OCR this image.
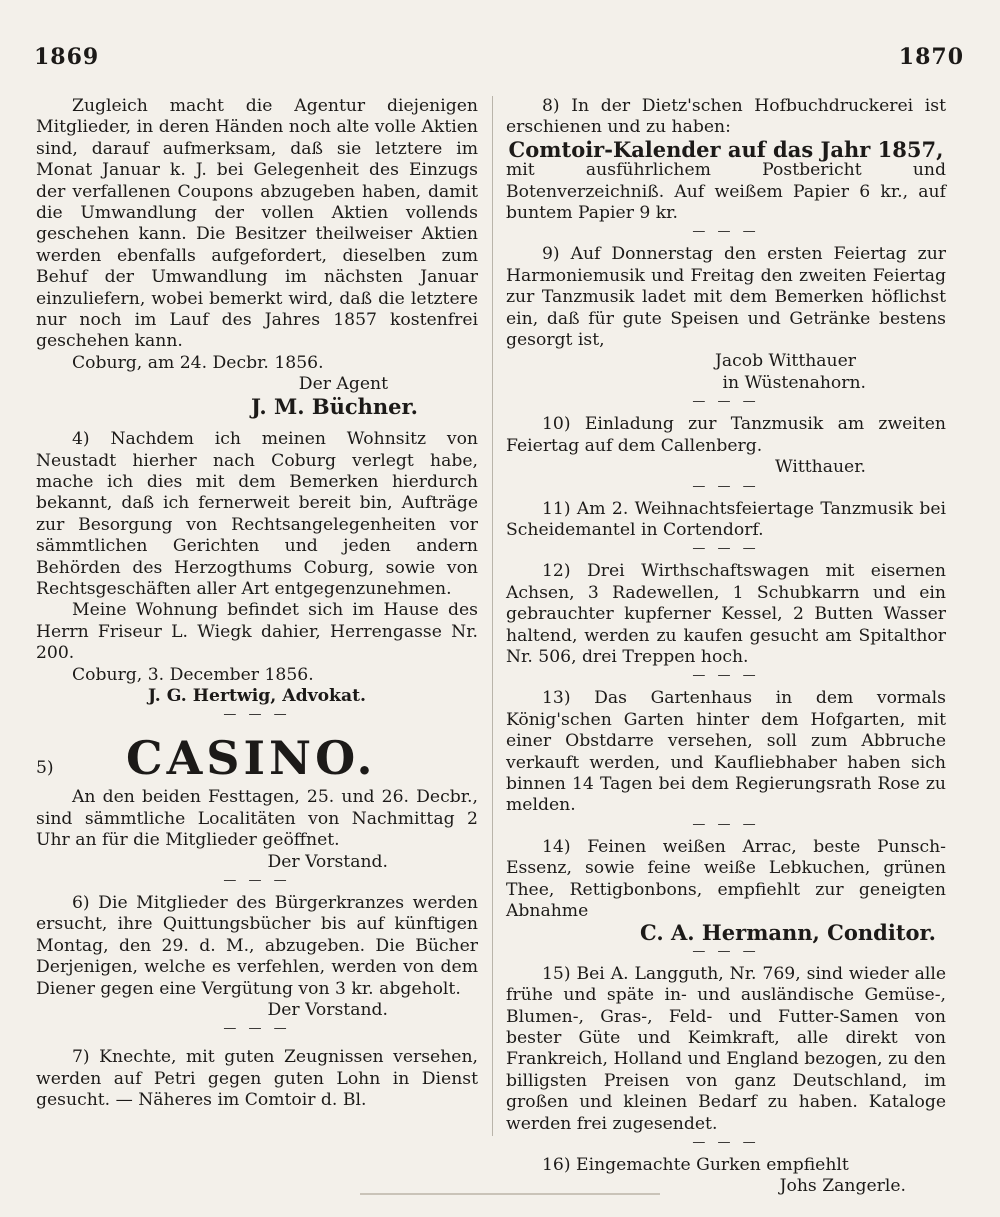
1869	1870

Zugleich macht die Agentur diejenigen Mitglieder, in deren Händen noch alte volle Aktien sind, darauf aufmerksam, daß sie letztere im Monat Januar k. J. bei Gelegenheit des Einzugs der verfallenen Coupons abzugeben haben, damit die Umwandlung der vollen Aktien vollends geschehen kann. Die Besitzer theilweiser Aktien werden ebenfalls aufgefordert, dieselben zum Behuf der Umwandlung im nächsten Januar einzuliefern, wobei bemerkt wird, daß die letztere nur noch im Lauf des Jahres 1857 kostenfrei geschehen kann.

Coburg, am 24. Decbr. 1856.

Der Agent

J. M. Büchner.

4) Nachdem ich meinen Wohnsitz von Neustadt hierher nach Coburg verlegt habe, mache ich dies mit dem Bemerken hierdurch bekannt, daß ich fernerweit bereit bin, Aufträge zur Besorgung von Rechtsangelegenheiten vor sämmtlichen Gerichten und jeden andern Behörden des Herzogthums Coburg, sowie von Rechtsgeschäften aller Art entgegenzunehmen.

Meine Wohnung befindet sich im Hause des Herrn Friseur L. Wiegk dahier, Herrengasse Nr. 200.

Coburg, 3. December 1856.

J. G. Hertwig, Advokat.

— — —
5)	CASINO.

An den beiden Festtagen, 25. und 26. Decbr., sind sämmtliche Localitäten von Nachmittag 2 Uhr an für die Mitglieder geöffnet.

Der Vorstand.

— — —

6) Die Mitglieder des Bürgerkranzes werden ersucht, ihre Quittungsbücher bis auf künftigen Montag, den 29. d. M., abzugeben. Die Bücher Derjenigen, welche es verfehlen, werden von dem Diener gegen eine Vergütung von 3 kr. abgeholt.

Der Vorstand.

— — —

7) Knechte, mit guten Zeugnissen versehen, werden auf Petri gegen guten Lohn in Dienst gesucht. — Näheres im Comtoir d. Bl.

8) In der Dietz'schen Hofbuchdruckerei ist erschienen und zu haben:

Comtoir-Kalender auf das Jahr 1857,

mit ausführlichem Postbericht und Botenverzeichniß. Auf weißem Papier 6 kr., auf buntem Papier 9 kr.

— — —

9) Auf Donnerstag den ersten Feiertag zur Harmoniemusik und Freitag den zweiten Feiertag zur Tanzmusik ladet mit dem Bemerken höflichst ein, daß für gute Speisen und Getränke bestens gesorgt ist,

Jacob Witthauer

in Wüstenahorn.

— — —

10) Einladung zur Tanzmusik am zweiten Feiertag auf dem Callenberg.

Witthauer.

— — —

11) Am 2. Weihnachtsfeiertage Tanzmusik bei Scheidemantel in Cortendorf.

— — —

12) Drei Wirthschaftswagen mit eisernen Achsen, 3 Radewellen, 1 Schubkarrn und ein gebrauchter kupferner Kessel, 2 Butten Wasser haltend, werden zu kaufen gesucht am Spitalthor Nr. 506, drei Treppen hoch.

— — —

13) Das Gartenhaus in dem vormals König'schen Garten hinter dem Hofgarten, mit einer Obstdarre versehen, soll zum Abbruche verkauft werden, und Kaufliebhaber haben sich binnen 14 Tagen bei dem Regierungsrath Rose zu melden.

— — —

14) Feinen weißen Arrac, beste Punsch-Essenz, sowie feine weiße Lebkuchen, grünen Thee, Rettigbonbons, empfiehlt zur geneigten Abnahme

C. A. Hermann, Conditor.

— — —

15) Bei A. Langguth, Nr. 769, sind wieder alle frühe und späte in- und ausländische Gemüse-, Blumen-, Gras-, Feld- und Futter-Samen von bester Güte und Keimkraft, alle direkt von Frankreich, Holland und England bezogen, zu den billigsten Preisen von ganz Deutschland, im großen und kleinen Bedarf zu haben. Kataloge werden frei zugesendet.

— — —

16) Eingemachte Gurken empfiehlt

Johs Zangerle.
